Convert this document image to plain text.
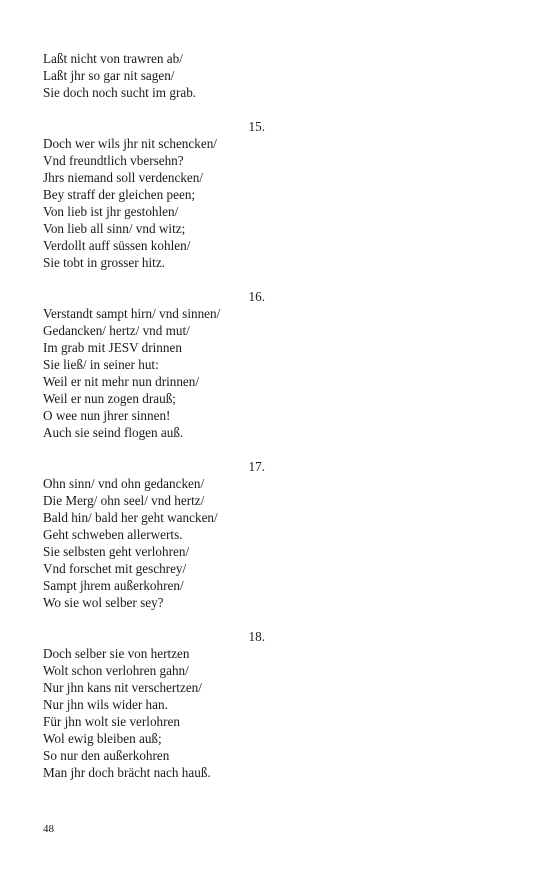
Laßt nicht von trawren ab/
Laßt jhr so gar nit sagen/
Sie doch noch sucht im grab.
15.
Doch wer wils jhr nit schencken/
Vnd freundtlich vbersehn?
Jhrs niemand soll verdencken/
Bey straff der gleichen peen;
Von lieb ist jhr gestohlen/
Von lieb all sinn/ vnd witz;
Verdollt auff süssen kohlen/
Sie tobt in grosser hitz.
16.
Verstandt sampt hirn/ vnd sinnen/
Gedancken/ hertz/ vnd mut/
Im grab mit JESV drinnen
Sie ließ/ in seiner hut:
Weil er nit mehr nun drinnen/
Weil er nun zogen drauß;
O wee nun jhrer sinnen!
Auch sie seind flogen auß.
17.
Ohn sinn/ vnd ohn gedancken/
Die Merg/ ohn seel/ vnd hertz/
Bald hin/ bald her geht wancken/
Geht schweben allerwerts.
Sie selbsten geht verlohren/
Vnd forschet mit geschrey/
Sampt jhrem außerkohren/
Wo sie wol selber sey?
18.
Doch selber sie von hertzen
Wolt schon verlohren gahn/
Nur jhn kans nit verschertzen/
Nur jhn wils wider han.
Für jhn wolt sie verlohren
Wol ewig bleiben auß;
So nur den außerkohren
Man jhr doch brächt nach hauß.
48
